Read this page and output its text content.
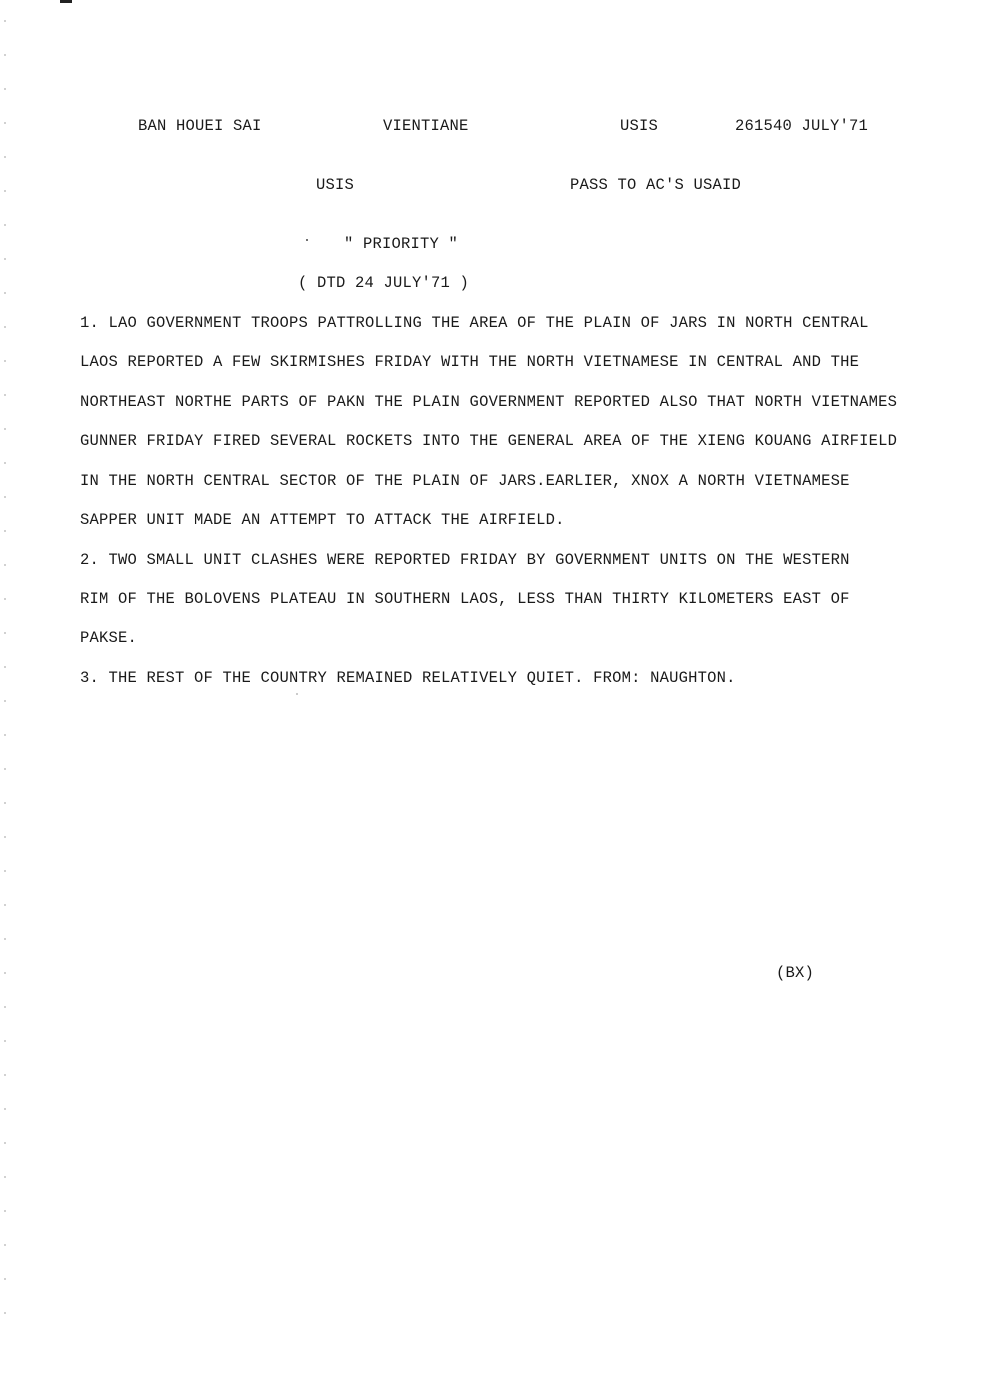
BAN HOUEI SAI	VIENTIANE	USIS	261540 JULY'71
USIS	PASS TO AC'S USAID
" PRIORITY "
( DTD 24 JULY'71 )
1. LAO GOVERNMENT TROOPS PATTROLLING THE AREA OF THE PLAIN OF JARS IN NORTH CENTRAL
LAOS REPORTED A FEW SKIRMISHES FRIDAY WITH THE NORTH VIETNAMESE IN CENTRAL AND THE
NORTHEAST NORTHE PARTS OF PAKN THE PLAIN GOVERNMENT REPORTED ALSO THAT NORTH VIETNAMES
GUNNER FRIDAY FIRED SEVERAL ROCKETS INTO THE GENERAL AREA OF THE XIENG KOUANG AIRFIELD
IN THE NORTH CENTRAL SECTOR OF THE PLAIN OF JARS.EARLIER, XNOX A NORTH VIETNAMESE
SAPPER UNIT MADE AN ATTEMPT TO ATTACK THE AIRFIELD.
2. TWO SMALL UNIT CLASHES WERE REPORTED FRIDAY BY GOVERNMENT UNITS ON THE WESTERN
RIM OF THE BOLOVENS PLATEAU IN SOUTHERN LAOS, LESS THAN THIRTY KILOMETERS EAST OF
PAKSE.
3. THE REST OF THE COUNTRY REMAINED RELATIVELY QUIET. FROM: NAUGHTON.
(BX)
